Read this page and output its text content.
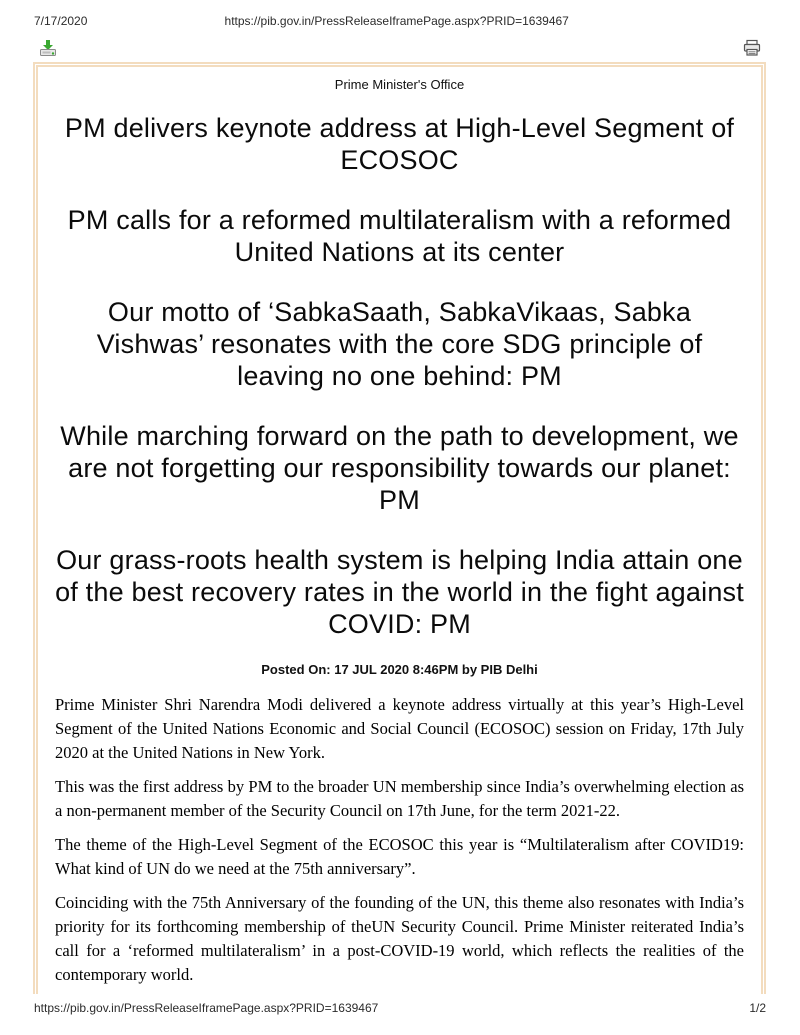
7/17/2020	https://pib.gov.in/PressReleaseIframePage.aspx?PRID=1639467
Prime Minister's Office
PM delivers keynote address at High-Level Segment of ECOSOC
PM calls for a reformed multilateralism with a reformed United Nations at its center
Our motto of ‘SabkaSaath, SabkaVikaas, Sabka Vishwas’ resonates with the core SDG principle of leaving no one behind: PM
While marching forward on the path to development, we are not forgetting our responsibility towards our planet: PM
Our grass-roots health system is helping India attain one of the best recovery rates in the world in the fight against COVID: PM
Posted On: 17 JUL 2020 8:46PM by PIB Delhi

Prime Minister Shri Narendra Modi delivered a keynote address virtually at this year’s High-Level Segment of the United Nations Economic and Social Council (ECOSOC) session on Friday, 17th July 2020 at the United Nations in New York.

This was the first address by PM to the broader UN membership since India’s overwhelming election as a non-permanent member of the Security Council on 17th June, for the term 2021-22.

The theme of the High-Level Segment of the ECOSOC this year is “Multilateralism after COVID19: What kind of UN do we need at the 75th anniversary”.

Coinciding with the 75th Anniversary of the founding of the UN, this theme also resonates with India’s priority for its forthcoming membership of theUN Security Council. Prime Minister reiterated India’s call for a ‘reformed multilateralism’ in a post-COVID-19 world, which reflects the realities of the contemporary world.

https://pib.gov.in/PressReleaseIframePage.aspx?PRID=1639467	1/2
